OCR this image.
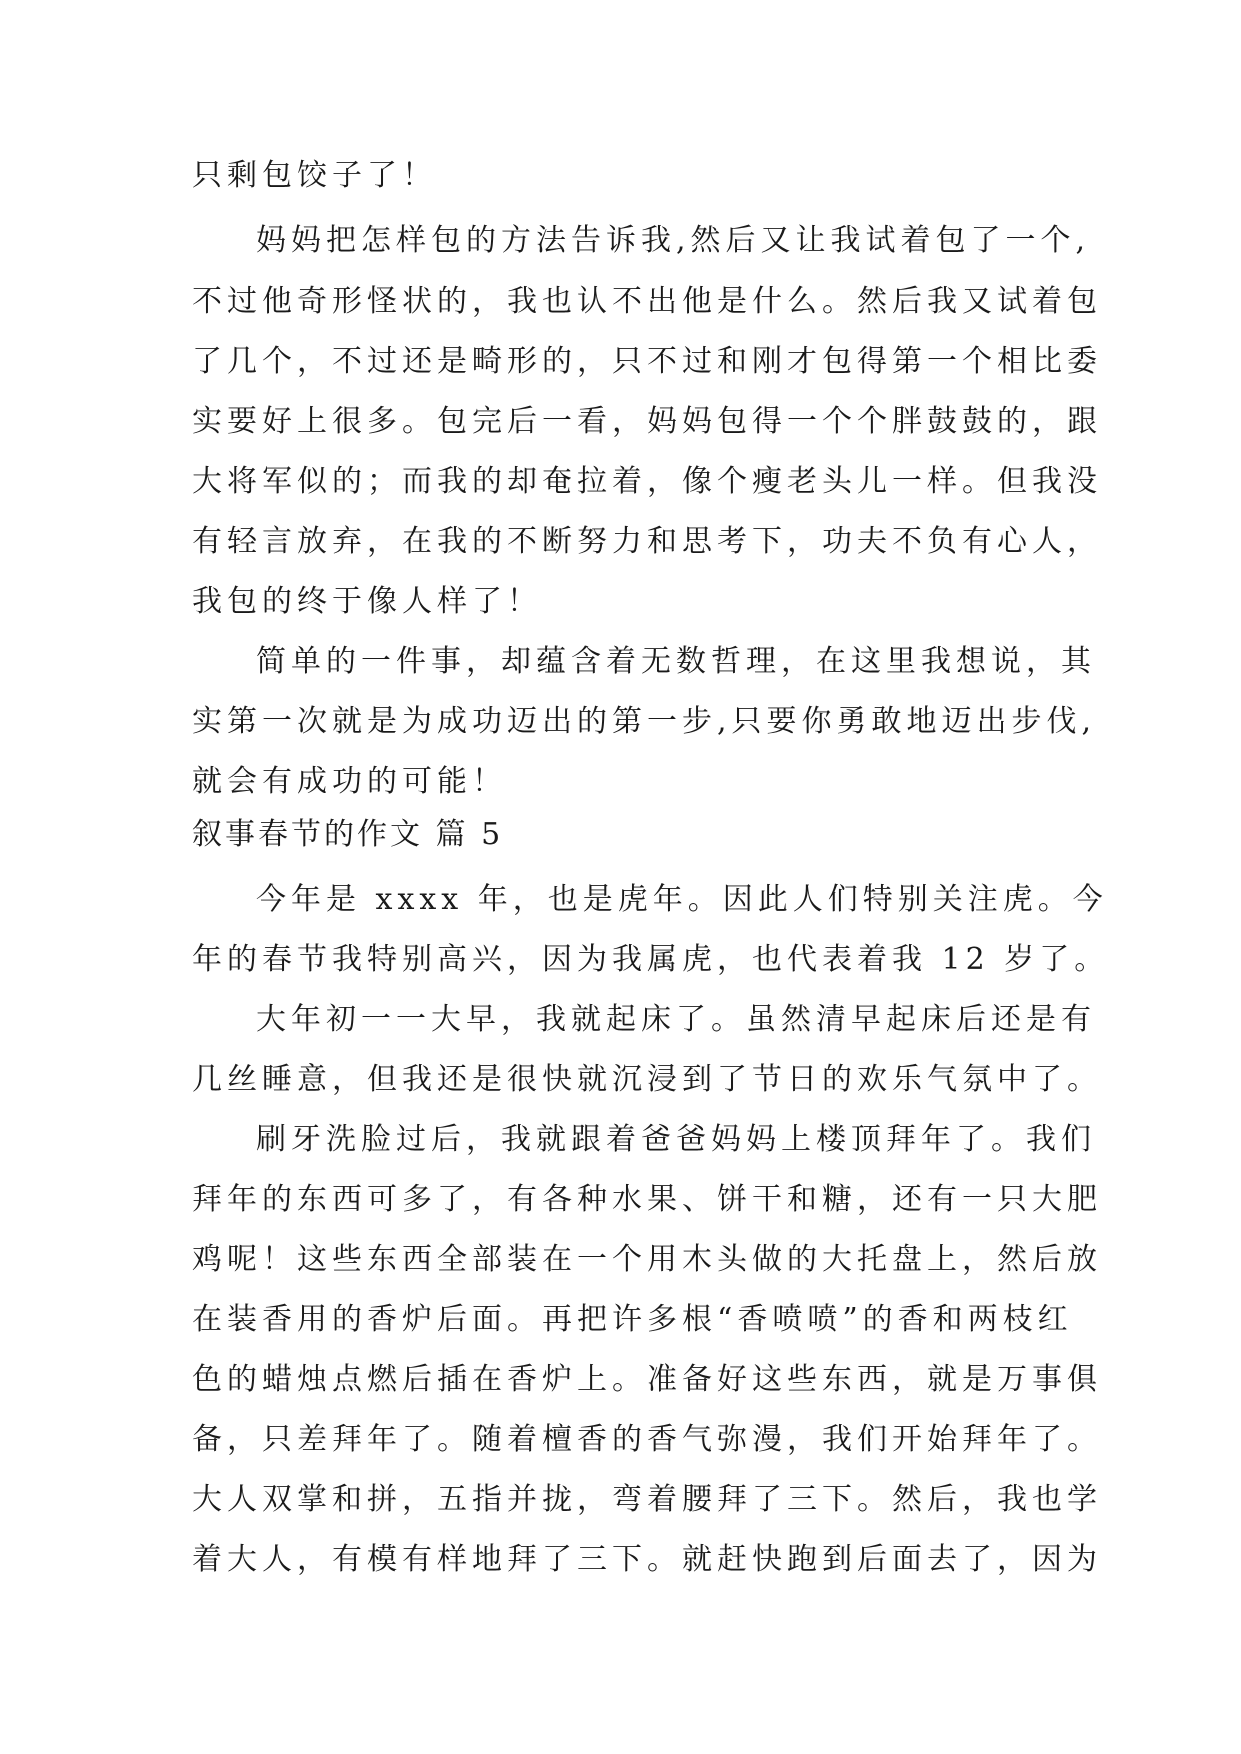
只剩包饺子了！
妈妈把怎样包的方法告诉我,然后又让我试着包了一个,
不过他奇形怪状的，我也认不出他是什么。然后我又试着包
了几个，不过还是畸形的，只不过和刚才包得第一个相比委
实要好上很多。包完后一看，妈妈包得一个个胖鼓鼓的，跟
大将军似的；而我的却奄拉着，像个瘦老头儿一样。但我没
有轻言放弃，在我的不断努力和思考下，功夫不负有心人，
我包的终于像人样了！
简单的一件事，却蕴含着无数哲理，在这里我想说，其
实第一次就是为成功迈出的第一步,只要你勇敢地迈出步伐,
就会有成功的可能！
叙事春节的作文 篇 5
今年是 xxxx 年，也是虎年。因此人们特别关注虎。今
年的春节我特别高兴，因为我属虎，也代表着我 12 岁了。
大年初一一大早，我就起床了。虽然清早起床后还是有
几丝睡意，但我还是很快就沉浸到了节日的欢乐气氛中了。
刷牙洗脸过后，我就跟着爸爸妈妈上楼顶拜年了。我们
拜年的东西可多了，有各种水果、饼干和糖，还有一只大肥
鸡呢！这些东西全部装在一个用木头做的大托盘上，然后放
在装香用的香炉后面。再把许多根“香喷喷”的香和两枝红
色的蜡烛点燃后插在香炉上。准备好这些东西，就是万事俱
备，只差拜年了。随着檀香的香气弥漫，我们开始拜年了。
大人双掌和拼，五指并拢，弯着腰拜了三下。然后，我也学
着大人，有模有样地拜了三下。就赶快跑到后面去了，因为
